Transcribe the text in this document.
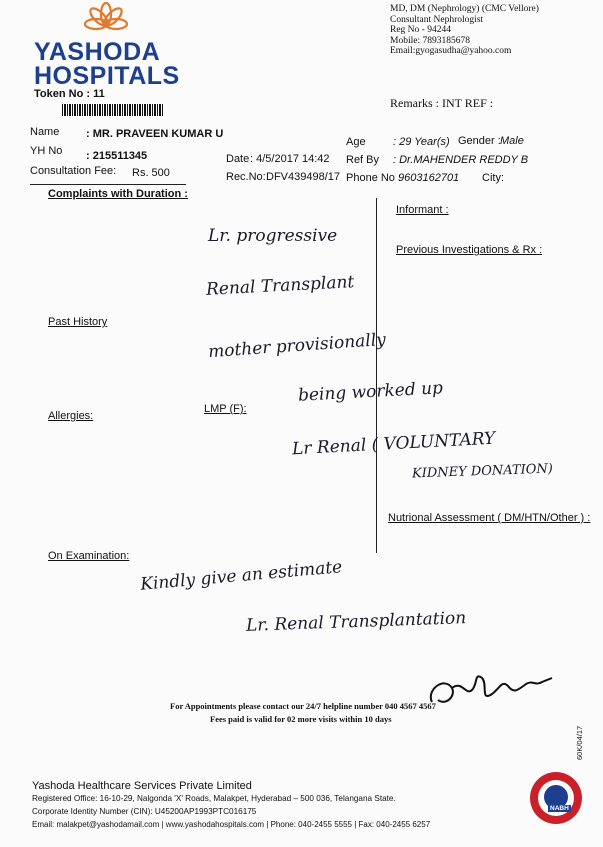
YASHODA
HOSPITALS
Token No : 11
MD, DM (Nephrology) (CMC Vellore)
Consultant Nephrologist
Reg No - 94244
Mobile: 7893185678
Email:gyogasudha@yahoo.com
Remarks : INT REF :
Name : MR. PRAVEEN KUMAR U
YH No : 215511345
Consultation Fee: Rs. 500
Age : 29 Year(s) Gender : Male
Date : 4/5/2017 14:42 Ref By : Dr.MAHENDER REDDY B
Rec.No: DFV439498/17 Phone No :
9603162701 City:
Complaints with Duration :
Informant :
Previous Investigations & Rx :
Past History
LMP (F):
Allergies:
Nutrional Assessment ( DM/HTN/Other ) :
On Examination:
Lr. progressive
Renal Transplant
mother provisionally
being worked up
Lr Renal ( VOLUNTARY
KIDNEY DONATION)
Kindly give an estimate
Lr. Renal Transplantation
For Appointments please contact our 24/7 helpline number 040 4567 4567
Fees paid is valid for 02 more visits within 10 days
60K/04/17
Yashoda Healthcare Services Private Limited
Registered Office: 16-10-29, Nalgonda 'X' Roads, Malakpet, Hyderabad – 500 036, Telangana State.
Corporate Identity Number (CIN): U45200AP1993PTC016175
Email: malakpet@yashodamail.com | www.yashodahospitals.com | Phone: 040-2455 5555 | Fax: 040-2455 6257
NABH
